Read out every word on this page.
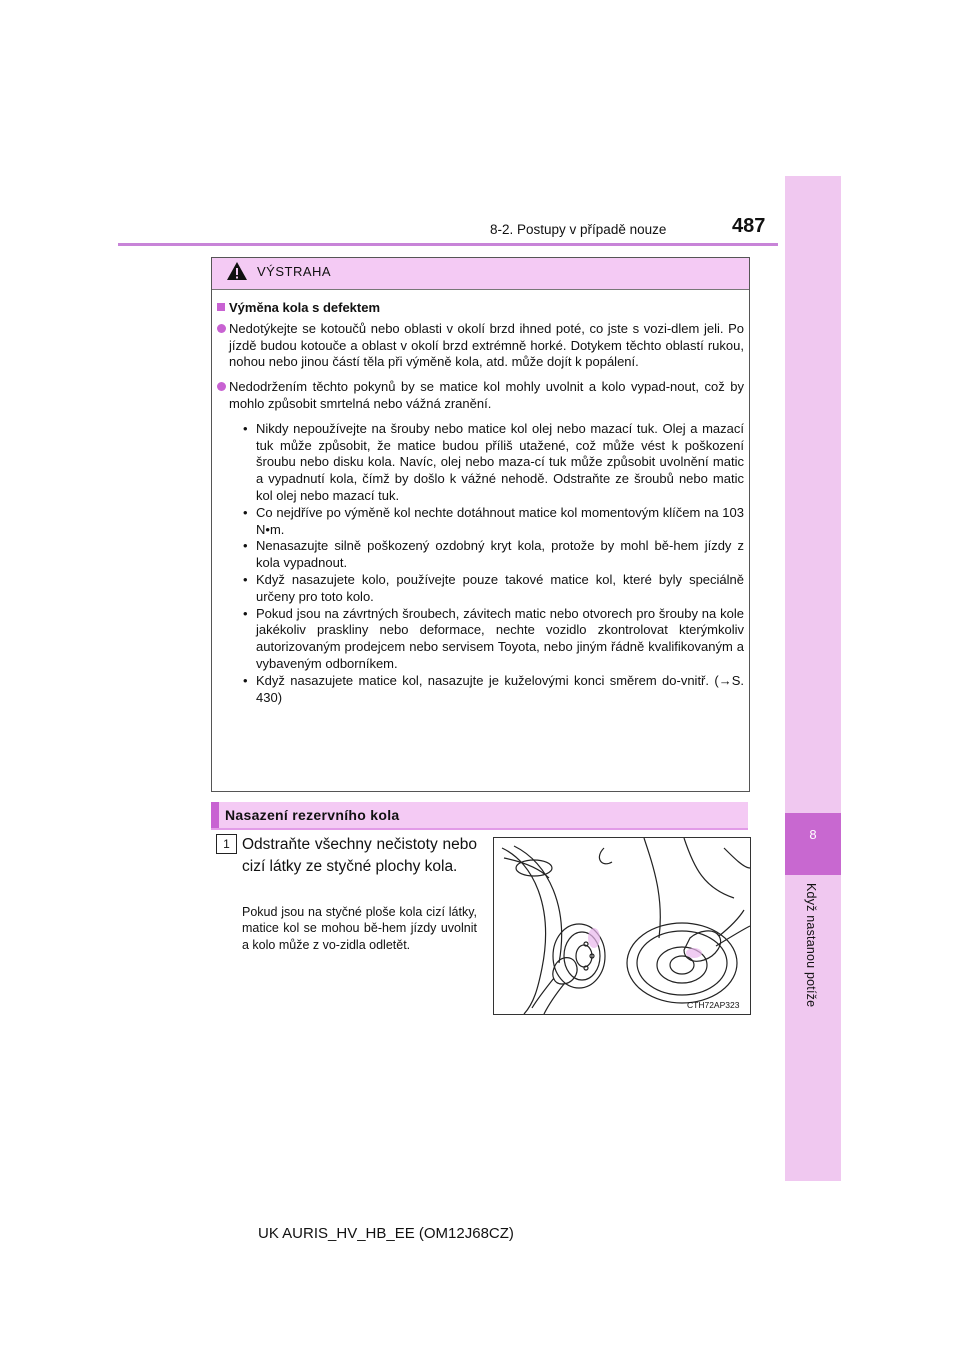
8-2. Postupy v případě nouze	487
8
Když nastanou potíže
VÝSTRAHA

Výměna kola s defektem

Nedotýkejte se kotoučů nebo oblasti v okolí brzd ihned poté, co jste s vozi-dlem jeli. Po jízdě budou kotouče a oblast v okolí brzd extrémně horké. Dotykem těchto oblastí rukou, nohou nebo jinou částí těla při výměně kola, atd. může dojít k popálení.

Nedodržením těchto pokynů by se matice kol mohly uvolnit a kolo vypad-nout, což by mohlo způsobit smrtelná nebo vážná zranění.

• Nikdy nepoužívejte na šrouby nebo matice kol olej nebo mazací tuk. Olej a mazací tuk může způsobit, že matice budou příliš utažené, což může vést k poškození šroubu nebo disku kola. Navíc, olej nebo maza-cí tuk může způsobit uvolnění matic a vypadnutí kola, čímž by došlo k vážné nehodě. Odstraňte ze šroubů nebo matic kol olej nebo mazací tuk.

• Co nejdříve po výměně kol nechte dotáhnout matice kol momentovým klíčem na 103 N•m.

• Nenasazujte silně poškozený ozdobný kryt kola, protože by mohl bě-hem jízdy z kola vypadnout.

• Když nasazujete kolo, používejte pouze takové matice kol, které byly speciálně určeny pro toto kolo.

• Pokud jsou na závrtných šroubech, závitech matic nebo otvorech pro šrouby na kole jakékoliv praskliny nebo deformace, nechte vozidlo zkontrolovat kterýmkoliv autorizovaným prodejcem nebo servisem Toyota, nebo jiným řádně kvalifikovaným a vybaveným odborníkem.

• Když nasazujete matice kol, nasazujte je kuželovými konci směrem do-vnitř. (→S. 430)

Nasazení rezervního kola
1 Odstraňte všechny nečistoty nebo cizí látky ze styčné plochy kola.
Pokud jsou na styčné ploše kola cizí látky, matice kol se mohou bě-hem jízdy uvolnit a kolo může z vo-zidla odletět.
CTH72AP323
UK AURIS_HV_HB_EE (OM12J68CZ)
